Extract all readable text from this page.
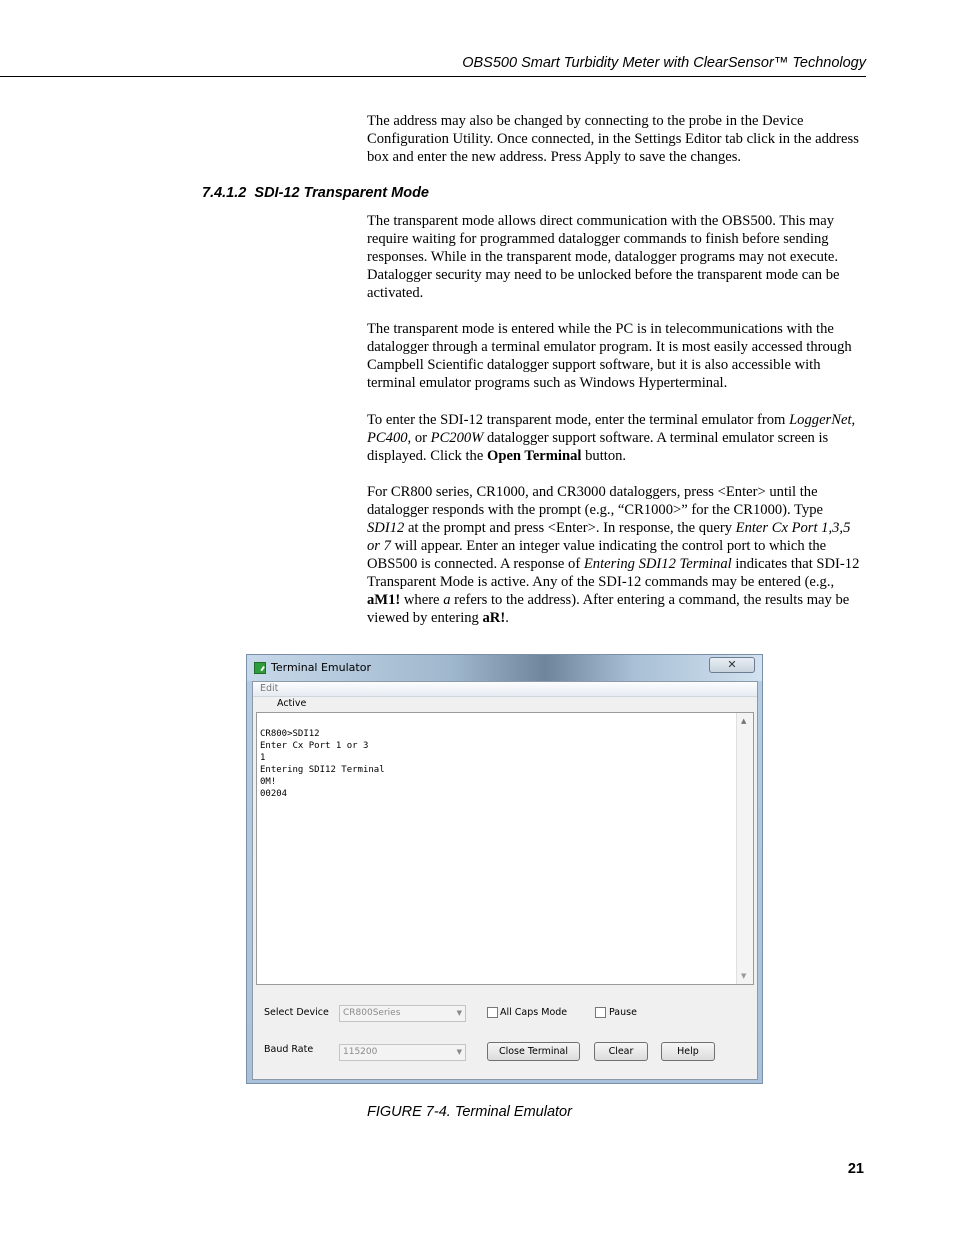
OBS500 Smart Turbidity Meter with ClearSensor™ Technology

The address may also be changed by connecting to the probe in the Device Configuration Utility. Once connected, in the Settings Editor tab click in the address box and enter the new address. Press Apply to save the changes.

7.4.1.2 SDI-12 Transparent Mode

The transparent mode allows direct communication with the OBS500. This may require waiting for programmed datalogger commands to finish before sending responses. While in the transparent mode, datalogger programs may not execute. Datalogger security may need to be unlocked before the transparent mode can be activated.

The transparent mode is entered while the PC is in telecommunications with the datalogger through a terminal emulator program. It is most easily accessed through Campbell Scientific datalogger support software, but it is also accessible with terminal emulator programs such as Windows Hyperterminal.

To enter the SDI-12 transparent mode, enter the terminal emulator from LoggerNet, PC400, or PC200W datalogger support software. A terminal emulator screen is displayed. Click the Open Terminal button.

For CR800 series, CR1000, and CR3000 dataloggers, press <Enter> until the datalogger responds with the prompt (e.g., “CR1000>” for the CR1000). Type SDI12 at the prompt and press <Enter>. In response, the query Enter Cx Port 1,3,5 or 7 will appear. Enter an integer value indicating the control port to which the OBS500 is connected. A response of Entering SDI12 Terminal indicates that SDI-12 Transparent Mode is active. Any of the SDI-12 commands may be entered (e.g., aM1! where a refers to the address). After entering a command, the results may be viewed by entering aR!.

Terminal Emulator	✕
Edit
Active
CR800>SDI12
Enter Cx Port 1 or 3
1
Entering SDI12 Terminal
0M!
00204
▲
▼
Select Device	CR800Series	▼	All Caps Mode	Pause
Baud Rate	115200	▼	Close Terminal	Clear	Help
FIGURE 7-4. Terminal Emulator
21
